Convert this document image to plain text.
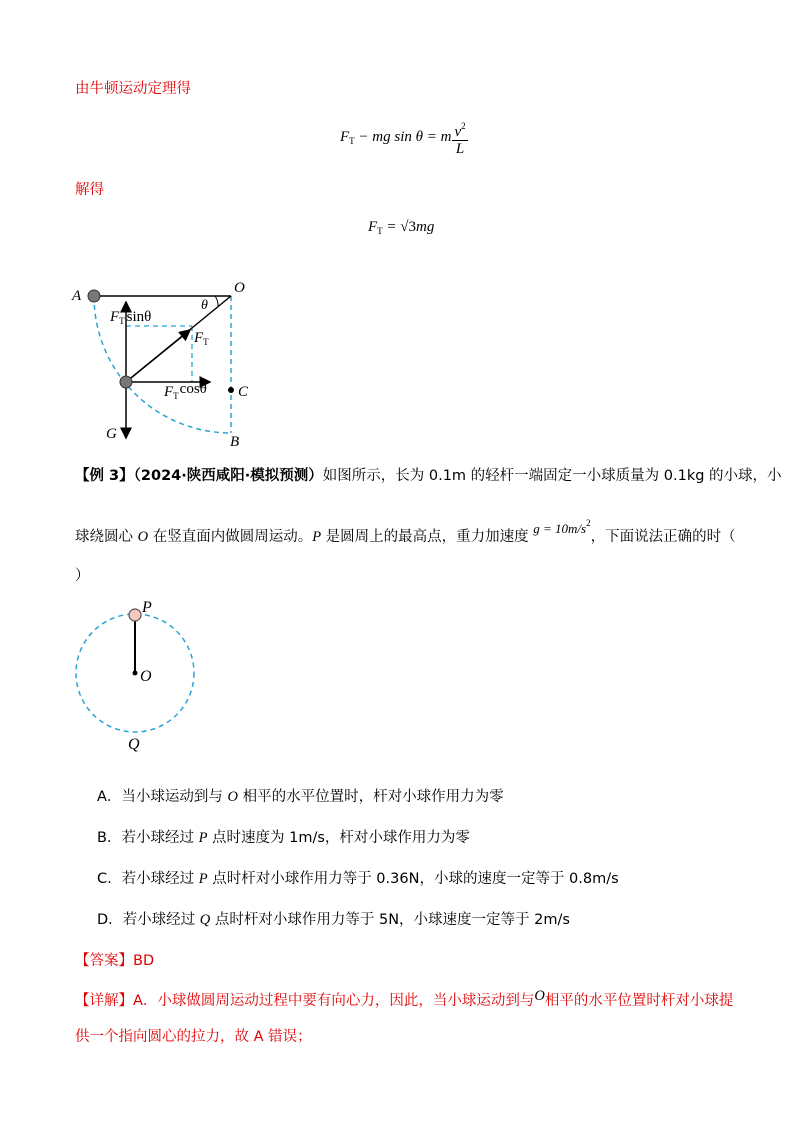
由牛顿运动定理得
$F_T$ − mg sin θ = m $\frac{v^2}{L}$
解得
$F_T = √3mg$
A	O
θ
C
B
G
$F_T$ sinθ
$F_T$
$F_T\cos\theta$
【例 3】（2024·陕西咸阳·模拟预测）如图所示，长为 0.1m 的轻杆一端固定一小球质量为 0.1kg 的小球，小
球绕圆心 O 在竖直面内做圆周运动。P 是圆周上的最高点，重力加速度 $g = 10m/s^2$，下面说法正确的时（
）
P
O
Q
A．当小球运动到与 O 相平的水平位置时，杆对小球作用力为零
B．若小球经过 P 点时速度为 1m/s，杆对小球作用力为零
C．若小球经过 P 点时杆对小球作用力等于 0.36N，小球的速度一定等于 0.8m/s
D．若小球经过 Q 点时杆对小球作用力等于 5N，小球速度一定等于 2m/s
【答案】BD
【详解】A．小球做圆周运动过程中要有向心力，因此，当小球运动到与O相平的水平位置时杆对小球提
供一个指向圆心的拉力，故 A 错误；
